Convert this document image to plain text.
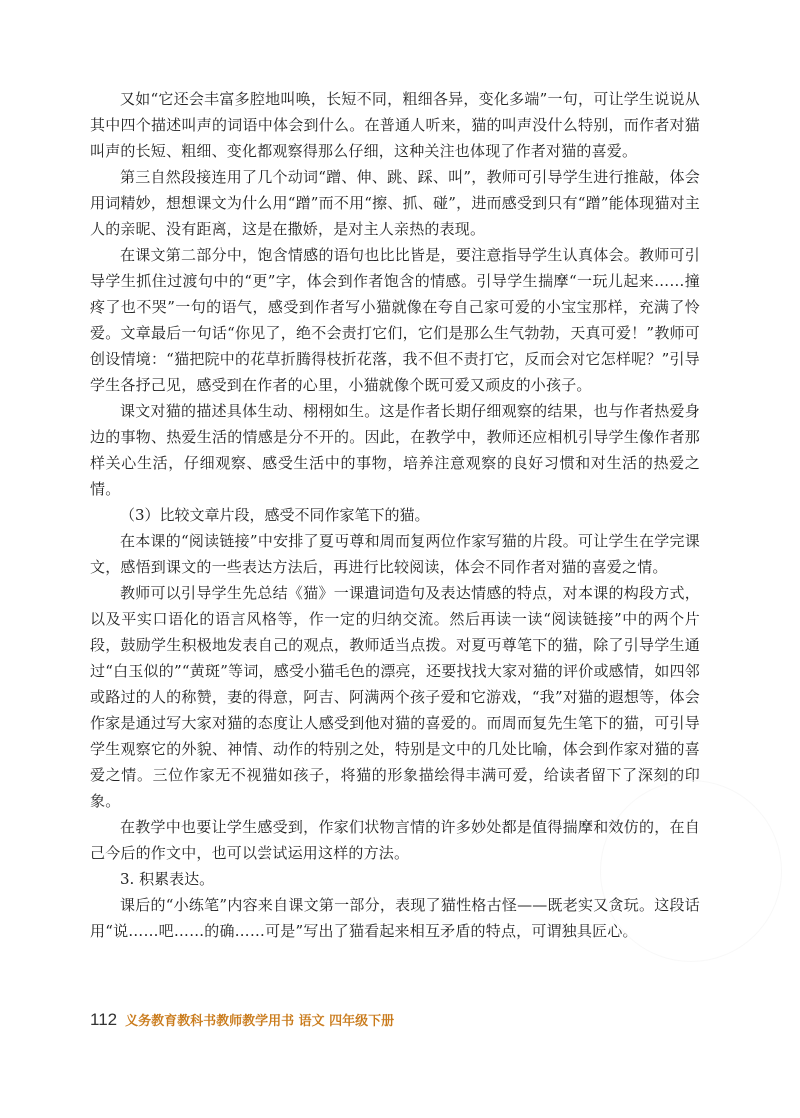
又如“它还会丰富多腔地叫唤，长短不同，粗细各异，变化多端”一句，可让学生说说从其中四个描述叫声的词语中体会到什么。在普通人听来，猫的叫声没什么特别，而作者对猫叫声的长短、粗细、变化都观察得那么仔细，这种关注也体现了作者对猫的喜爱。

第三自然段接连用了几个动词“蹭、伸、跳、踩、叫”，教师可引导学生进行推敲，体会用词精妙，想想课文为什么用“蹭”而不用“擦、抓、碰”，进而感受到只有“蹭”能体现猫对主人的亲昵、没有距离，这是在撒娇，是对主人亲热的表现。

在课文第二部分中，饱含情感的语句也比比皆是，要注意指导学生认真体会。教师可引导学生抓住过渡句中的“更”字，体会到作者饱含的情感。引导学生揣摩“一玩儿起来……撞疼了也不哭”一句的语气，感受到作者写小猫就像在夸自己家可爱的小宝宝那样，充满了怜爱。文章最后一句话“你见了，绝不会责打它们，它们是那么生气勃勃，天真可爱！”教师可创设情境：“猫把院中的花草折腾得枝折花落，我不但不责打它，反而会对它怎样呢？”引导学生各抒己见，感受到在作者的心里，小猫就像个既可爱又顽皮的小孩子。

课文对猫的描述具体生动、栩栩如生。这是作者长期仔细观察的结果，也与作者热爱身边的事物、热爱生活的情感是分不开的。因此，在教学中，教师还应相机引导学生像作者那样关心生活，仔细观察、感受生活中的事物，培养注意观察的良好习惯和对生活的热爱之情。

（3）比较文章片段，感受不同作家笔下的猫。

在本课的“阅读链接”中安排了夏丏尊和周而复两位作家写猫的片段。可让学生在学完课文，感悟到课文的一些表达方法后，再进行比较阅读，体会不同作者对猫的喜爱之情。

教师可以引导学生先总结《猫》一课遣词造句及表达情感的特点，对本课的构段方式，以及平实口语化的语言风格等，作一定的归纳交流。然后再读一读“阅读链接”中的两个片段，鼓励学生积极地发表自己的观点，教师适当点拨。对夏丏尊笔下的猫，除了引导学生通过“白玉似的”“黄斑”等词，感受小猫毛色的漂亮，还要找找大家对猫的评价或感情，如四邻或路过的人的称赞，妻的得意，阿吉、阿满两个孩子爱和它游戏，“我”对猫的遐想等，体会作家是通过写大家对猫的态度让人感受到他对猫的喜爱的。而周而复先生笔下的猫，可引导学生观察它的外貌、神情、动作的特别之处，特别是文中的几处比喻，体会到作家对猫的喜爱之情。三位作家无不视猫如孩子，将猫的形象描绘得丰满可爱，给读者留下了深刻的印象。

在教学中也要让学生感受到，作家们状物言情的许多妙处都是值得揣摩和效仿的，在自己今后的作文中，也可以尝试运用这样的方法。

3. 积累表达。

课后的“小练笔”内容来自课文第一部分，表现了猫性格古怪——既老实又贪玩。这段话用“说……吧……的确……可是”写出了猫看起来相互矛盾的特点，可谓独具匠心。

112 义务教育教科书教师教学用书 语文 四年级下册
